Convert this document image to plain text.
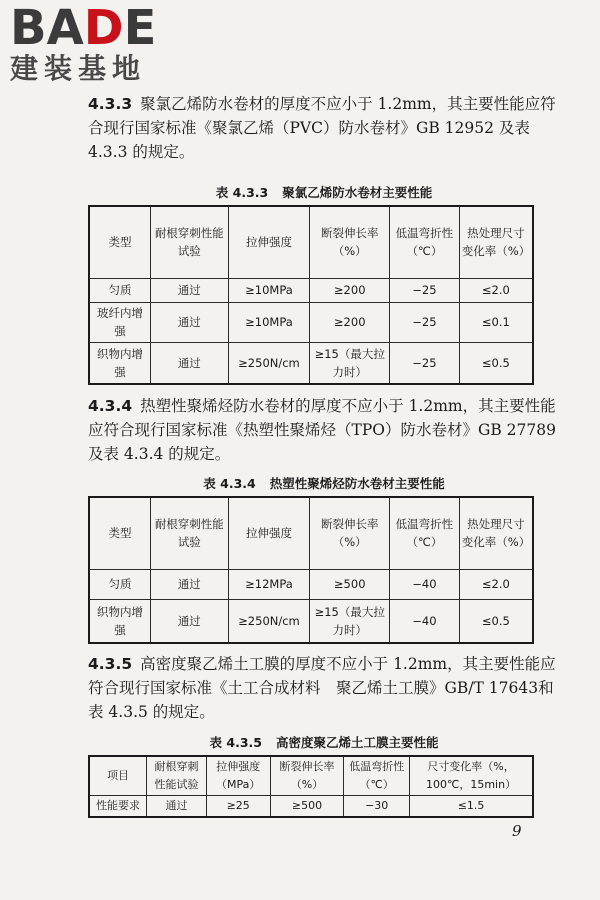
BADE
建装基地

4.3.3 聚氯乙烯防水卷材的厚度不应小于 1.2mm，其主要性能应符合现行国家标准《聚氯乙烯（PVC）防水卷材》GB 12952 及表 4.3.3 的规定。

表 4.3.3 聚氯乙烯防水卷材主要性能
类型	耐根穿刺性能试验	拉伸强度	断裂伸长率（%）	低温弯折性（℃）	热处理尺寸变化率（%）
匀质	通过	≥10MPa	≥200	−25	≤2.0
玻纤内增强	通过	≥10MPa	≥200	−25	≤0.1
织物内增强	通过	≥250N/cm	≥15（最大拉力时）	−25	≤0.5

4.3.4 热塑性聚烯烃防水卷材的厚度不应小于 1.2mm，其主要性能应符合现行国家标准《热塑性聚烯烃（TPO）防水卷材》GB 27789 及表 4.3.4 的规定。

表 4.3.4 热塑性聚烯烃防水卷材主要性能
类型	耐根穿刺性能试验	拉伸强度	断裂伸长率（%）	低温弯折性（℃）	热处理尺寸变化率（%）
匀质	通过	≥12MPa	≥500	−40	≤2.0
织物内增强	通过	≥250N/cm	≥15（最大拉力时）	−40	≤0.5

4.3.5 高密度聚乙烯土工膜的厚度不应小于 1.2mm，其主要性能应符合现行国家标准《土工合成材料　聚乙烯土工膜》GB/T 17643和表 4.3.5 的规定。

表 4.3.5 高密度聚乙烯土工膜主要性能
项目	耐根穿刺性能试验	拉伸强度（MPa）	断裂伸长率（%）	低温弯折性（℃）	尺寸变化率（%，100℃，15min）
性能要求	通过	≥25	≥500	−30	≤1.5
9
